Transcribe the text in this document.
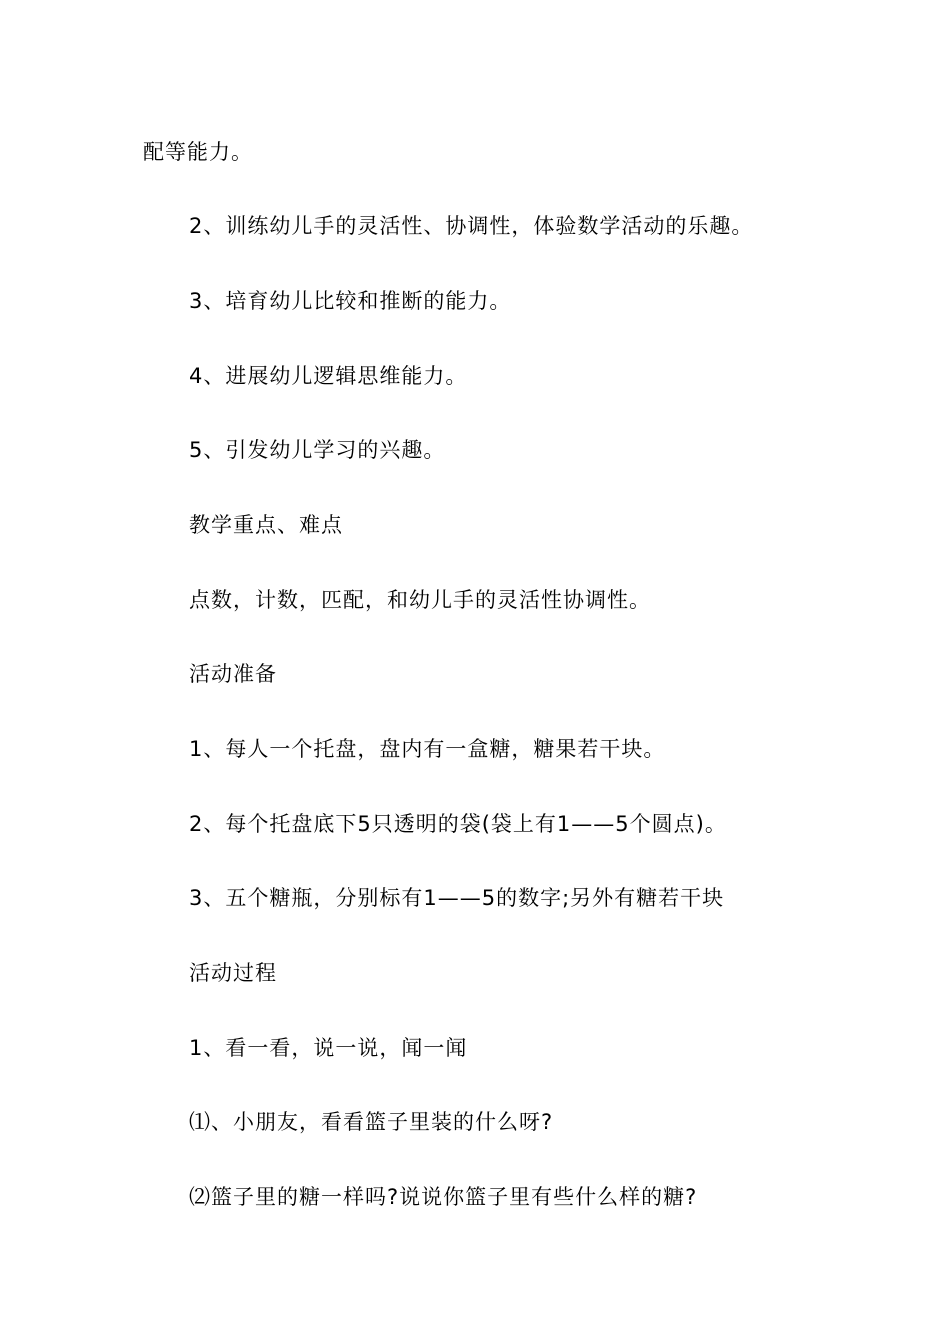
配等能力。
2、训练幼儿手的灵活性、协调性，体验数学活动的乐趣。
3、培育幼儿比较和推断的能力。
4、进展幼儿逻辑思维能力。
5、引发幼儿学习的兴趣。
教学重点、难点
点数，计数，匹配，和幼儿手的灵活性协调性。
活动准备
1、每人一个托盘，盘内有一盒糖，糖果若干块。
2、每个托盘底下5只透明的袋(袋上有1——5个圆点)。
3、五个糖瓶，分别标有1——5的数字;另外有糖若干块
活动过程
1、看一看，说一说，闻一闻
⑴、小朋友，看看篮子里装的什么呀?
⑵篮子里的糖一样吗?说说你篮子里有些什么样的糖?
